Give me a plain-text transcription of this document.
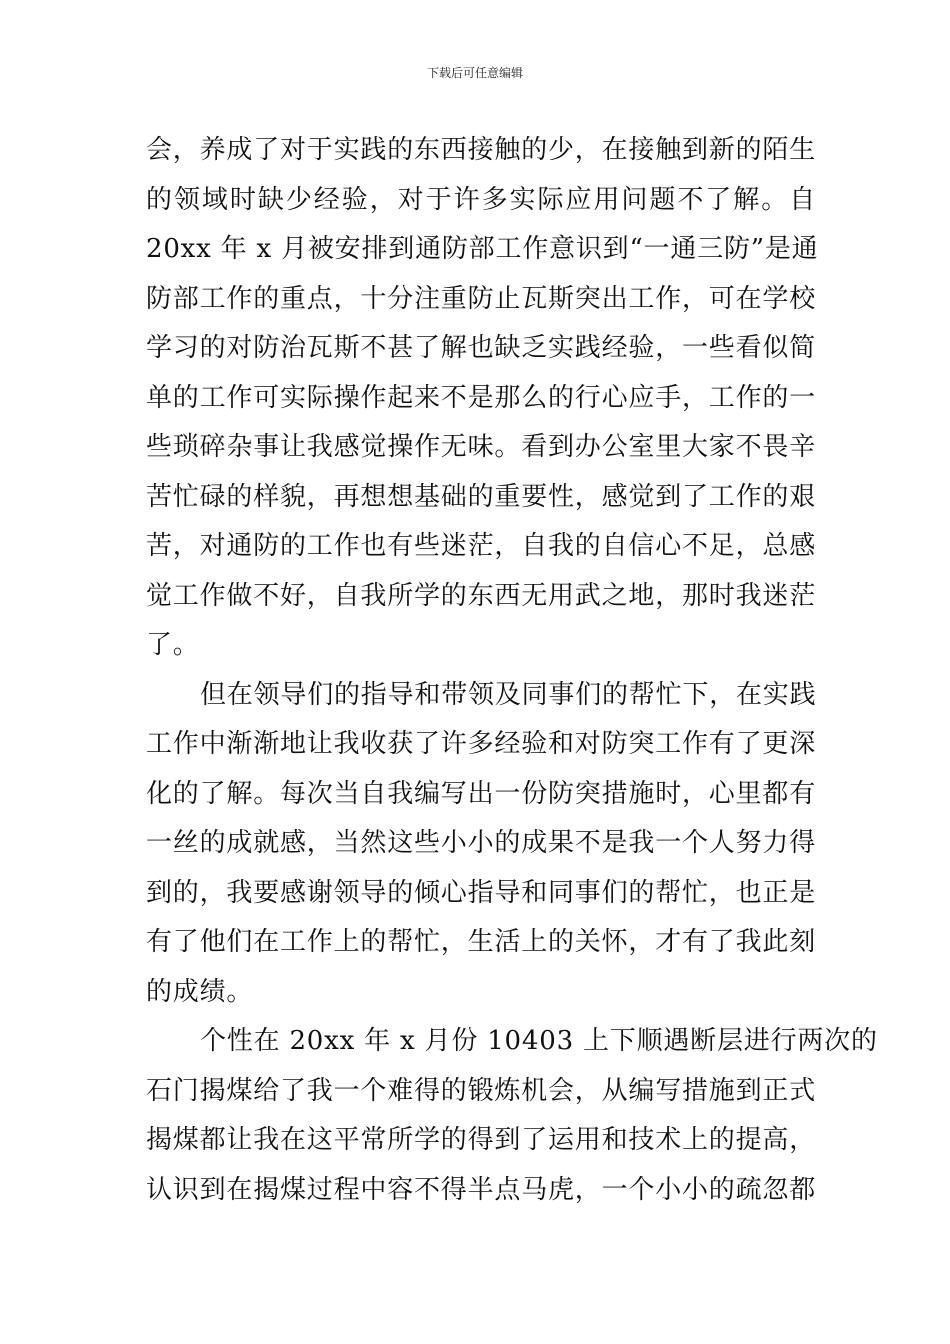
下载后可任意编辑
会，养成了对于实践的东西接触的少，在接触到新的陌生
的领域时缺少经验，对于许多实际应用问题不了解。自
20xx 年 x 月被安排到通防部工作意识到“一通三防”是通
防部工作的重点，十分注重防止瓦斯突出工作，可在学校
学习的对防治瓦斯不甚了解也缺乏实践经验，一些看似简
单的工作可实际操作起来不是那么的行心应手，工作的一
些琐碎杂事让我感觉操作无味。看到办公室里大家不畏辛
苦忙碌的样貌，再想想基础的重要性，感觉到了工作的艰
苦，对通防的工作也有些迷茫，自我的自信心不足，总感
觉工作做不好，自我所学的东西无用武之地，那时我迷茫
了。
但在领导们的指导和带领及同事们的帮忙下，在实践
工作中渐渐地让我收获了许多经验和对防突工作有了更深
化的了解。每次当自我编写出一份防突措施时，心里都有
一丝的成就感，当然这些小小的成果不是我一个人努力得
到的，我要感谢领导的倾心指导和同事们的帮忙，也正是
有了他们在工作上的帮忙，生活上的关怀，才有了我此刻
的成绩。
个性在 20xx 年 x 月份 10403 上下顺遇断层进行两次的
石门揭煤给了我一个难得的锻炼机会，从编写措施到正式
揭煤都让我在这平常所学的得到了运用和技术上的提高，
认识到在揭煤过程中容不得半点马虎，一个小小的疏忽都
